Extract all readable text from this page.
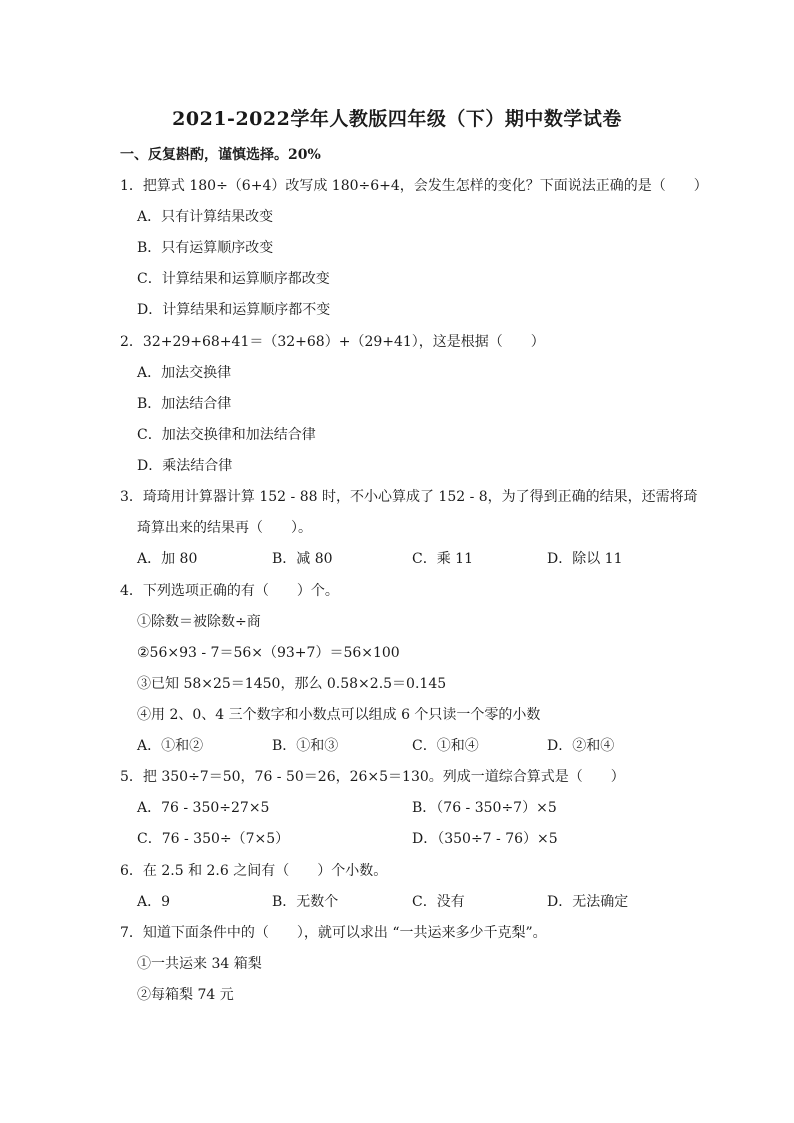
2021-2022学年人教版四年级（下）期中数学试卷
一、反复斟酌，谨慎选择。20%
1．把算式 180÷（6+4）改写成 180÷6+4，会发生怎样的变化？下面说法正确的是（　　）
A．只有计算结果改变
B．只有运算顺序改变
C．计算结果和运算顺序都改变
D．计算结果和运算顺序都不变
2．32+29+68+41＝（32+68）+（29+41），这是根据（　　）
A．加法交换律
B．加法结合律
C．加法交换律和加法结合律
D．乘法结合律
3．琦琦用计算器计算 152 - 88 时，不小心算成了 152 - 8，为了得到正确的结果，还需将琦
琦算出来的结果再（　　）。
A．加 80	B．减 80	C．乘 11	D．除以 11
4．下列选项正确的有（　　）个。
①除数＝被除数÷商
②56×93 - 7＝56×（93+7）＝56×100
③已知 58×25＝1450，那么 0.58×2.5＝0.145
④用 2、0、4 三个数字和小数点可以组成 6 个只读一个零的小数
A．①和②	B．①和③	C．①和④	D．②和④
5．把 350÷7＝50，76 - 50＝26，26×5＝130。列成一道综合算式是（　　）
A．76 - 350÷27×5	B．（76 - 350÷7）×5
C．76 - 350÷（7×5）	D．（350÷7 - 76）×5
6．在 2.5 和 2.6 之间有（　　）个小数。
A．9	B．无数个	C．没有	D．无法确定
7．知道下面条件中的（　　），就可以求出 “一共运来多少千克梨”。
①一共运来 34 箱梨
②每箱梨 74 元
